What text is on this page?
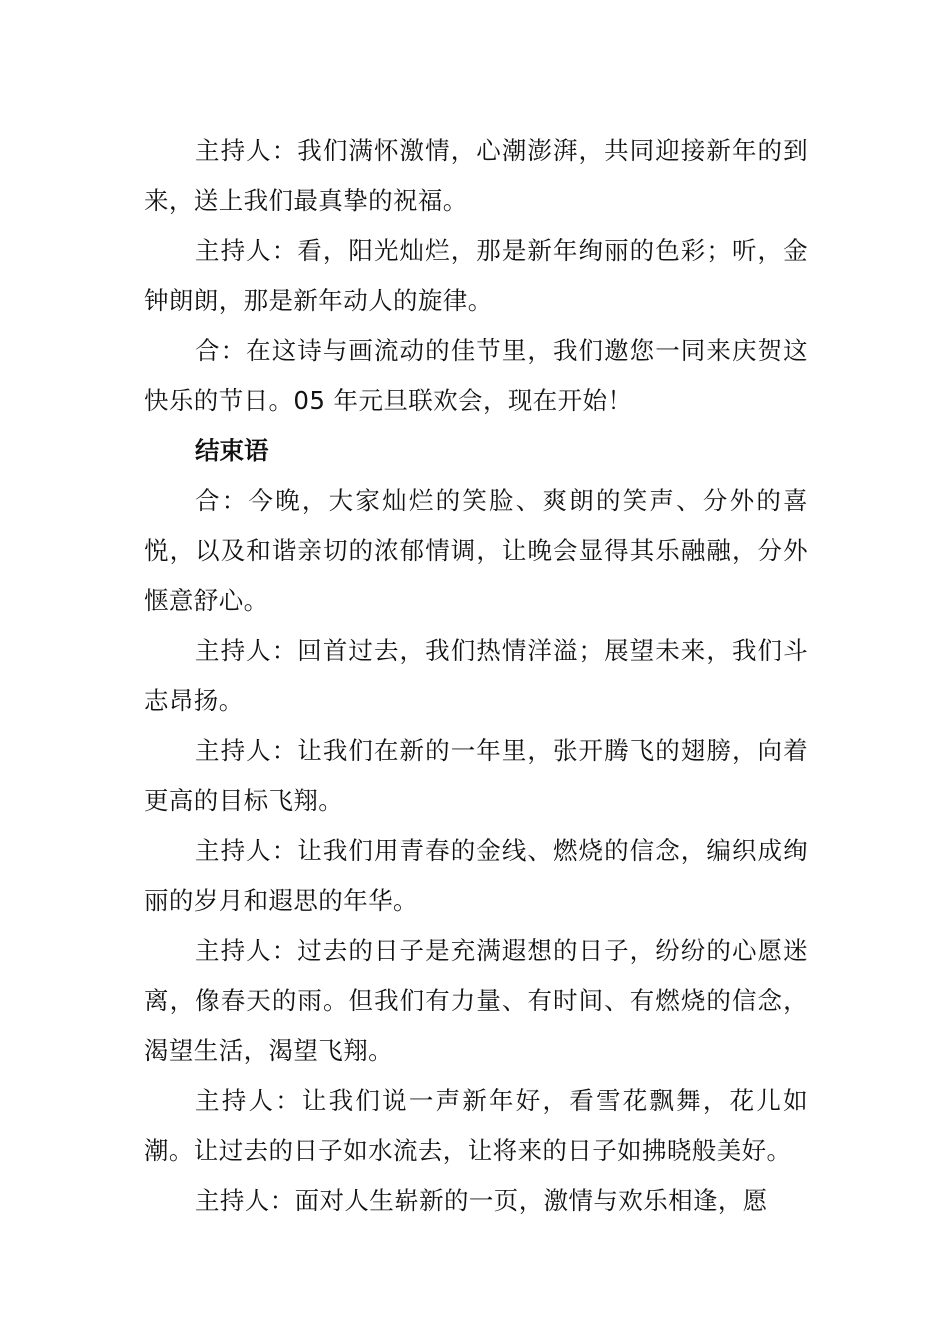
主持人：我们满怀激情，心潮澎湃，共同迎接新年的到来，送上我们最真挚的祝福。

主持人：看，阳光灿烂，那是新年绚丽的色彩；听，金钟朗朗，那是新年动人的旋律。

合：在这诗与画流动的佳节里，我们邀您一同来庆贺这快乐的节日。05 年元旦联欢会，现在开始！

结束语

合：今晚，大家灿烂的笑脸、爽朗的笑声、分外的喜悦，以及和谐亲切的浓郁情调，让晚会显得其乐融融，分外惬意舒心。

主持人：回首过去，我们热情洋溢；展望未来，我们斗志昂扬。

主持人：让我们在新的一年里，张开腾飞的翅膀，向着更高的目标飞翔。

主持人：让我们用青春的金线、燃烧的信念，编织成绚丽的岁月和遐思的年华。

主持人：过去的日子是充满遐想的日子，纷纷的心愿迷离，像春天的雨。但我们有力量、有时间、有燃烧的信念，渴望生活，渴望飞翔。

主持人：让我们说一声新年好，看雪花飘舞，花儿如潮。让过去的日子如水流去，让将来的日子如拂晓般美好。

主持人：面对人生崭新的一页，激情与欢乐相逢，愿
